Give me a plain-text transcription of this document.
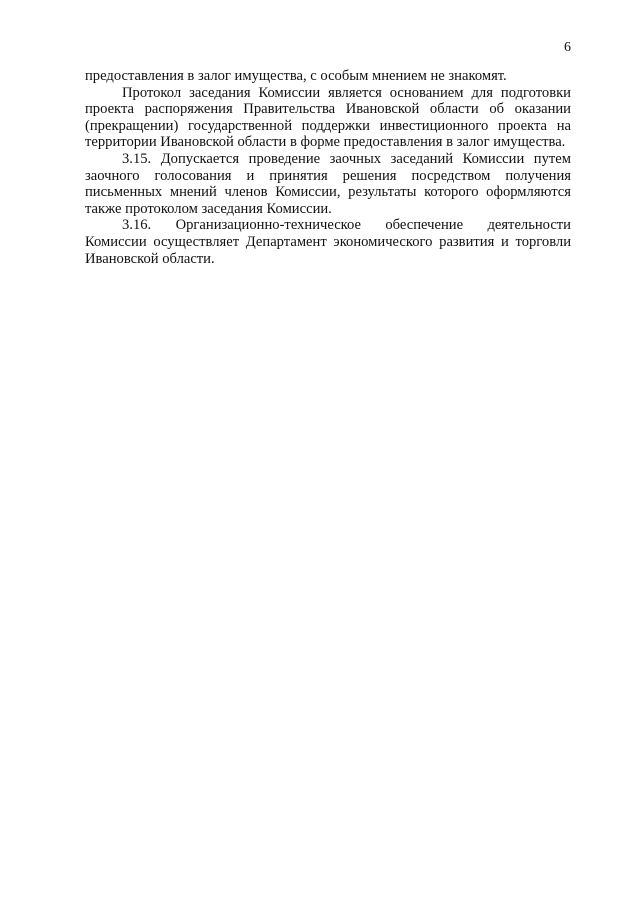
6

предоставления в залог имущества, с особым мнением не знакомят.

Протокол заседания Комиссии является основанием для подготовки проекта распоряжения Правительства Ивановской области об оказании (прекращении) государственной поддержки инвестиционного проекта на территории Ивановской области в форме предоставления в залог имущества.

3.15. Допускается проведение заочных заседаний Комиссии путем заочного голосования и принятия решения посредством получения письменных мнений членов Комиссии, результаты которого оформляются также протоколом заседания Комиссии.

3.16. Организационно-техническое обеспечение деятельности Комиссии осуществляет Департамент экономического развития и торговли Ивановской области.
